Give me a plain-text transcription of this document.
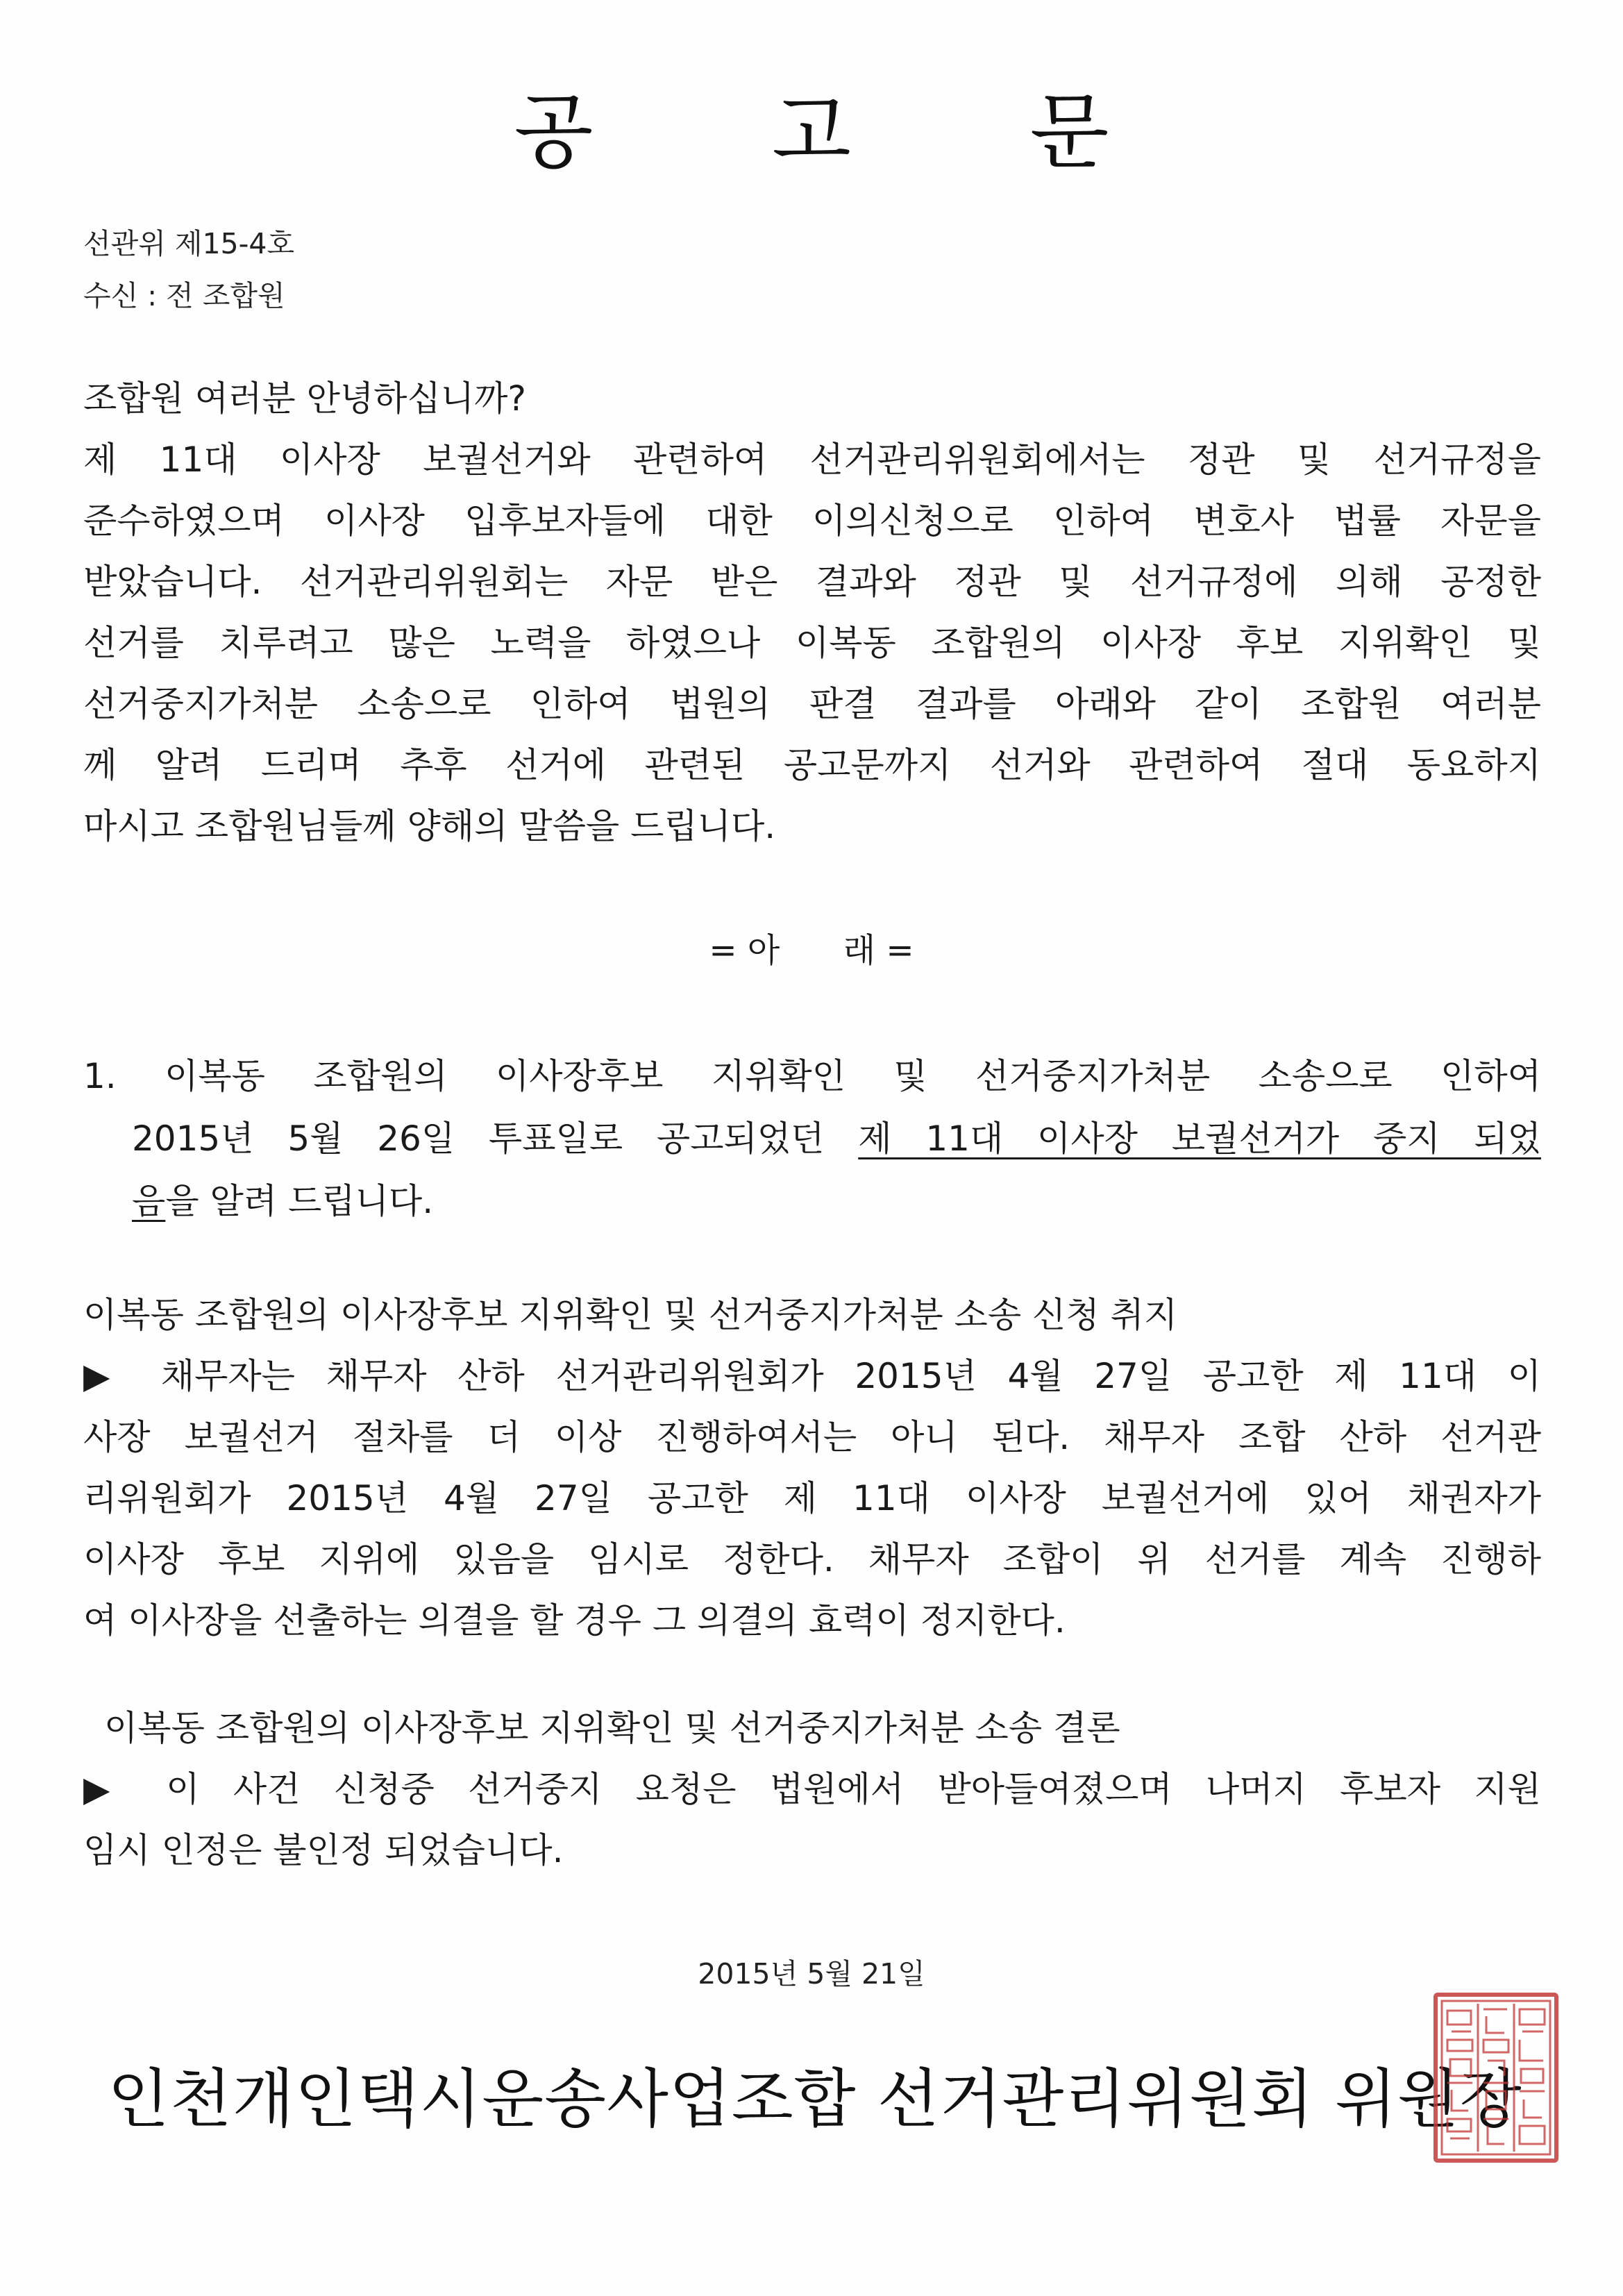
공 고 문
선관위 제15-4호
수신 : 전 조합원
조합원 여러분 안녕하십니까?
제 11대 이사장 보궐선거와 관련하여 선거관리위원회에서는 정관 및 선거규정을
준수하였으며 이사장 입후보자들에 대한 이의신청으로 인하여 변호사 법률 자문을
받았습니다. 선거관리위원회는 자문 받은 결과와 정관 및 선거규정에 의해 공정한
선거를 치루려고 많은 노력을 하였으나 이복동 조합원의 이사장 후보 지위확인 및
선거중지가처분 소송으로 인하여 법원의 판결 결과를 아래와 같이 조합원 여러분
께 알려 드리며 추후 선거에 관련된 공고문까지 선거와 관련하여 절대 동요하지
마시고 조합원님들께 양해의 말씀을 드립니다.
= 아      래 =
1. 이복동 조합원의 이사장후보 지위확인 및 선거중지가처분 소송으로 인하여
2015년 5월 26일 투표일로 공고되었던 제 11대 이사장 보궐선거가 중지 되었
음을 알려 드립니다.
이복동 조합원의 이사장후보 지위확인 및 선거중지가처분 소송 신청 취지
▶ 채무자는 채무자 산하 선거관리위원회가 2015년 4월 27일 공고한 제 11대 이
사장 보궐선거 절차를 더 이상 진행하여서는 아니 된다. 채무자 조합 산하 선거관
리위원회가 2015년 4월 27일 공고한 제 11대 이사장 보궐선거에 있어 채권자가
이사장 후보 지위에 있음을 임시로 정한다. 채무자 조합이 위 선거를 계속 진행하
여 이사장을 선출하는 의결을 할 경우 그 의결의 효력이 정지한다.
이복동 조합원의 이사장후보 지위확인 및 선거중지가처분 소송 결론
▶ 이 사건 신청중 선거중지 요청은 법원에서 받아들여졌으며 나머지 후보자 지원
임시 인정은 불인정 되었습니다.
2015년 5월 21일
인천개인택시운송사업조합 선거관리위원회 위원장
